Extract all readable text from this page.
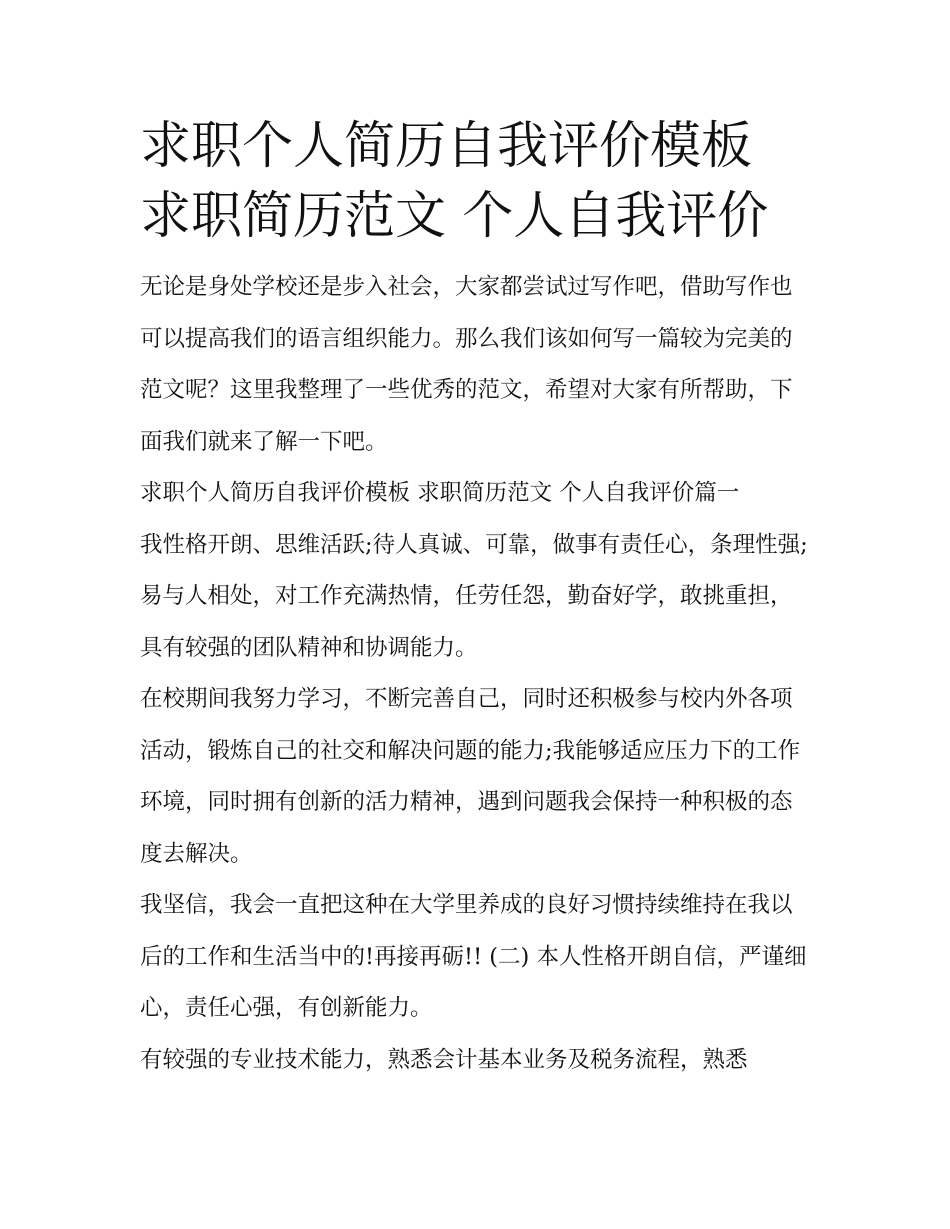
求职个人简历自我评价模板 求职简历范文 个人自我评价

无论是身处学校还是步入社会，大家都尝试过写作吧，借助写作也可以提高我们的语言组织能力。那么我们该如何写一篇较为完美的范文呢？这里我整理了一些优秀的范文，希望对大家有所帮助，下面我们就来了解一下吧。

求职个人简历自我评价模板 求职简历范文 个人自我评价篇一

我性格开朗、思维活跃;待人真诚、可靠，做事有责任心，条理性强;易与人相处，对工作充满热情，任劳任怨，勤奋好学，敢挑重担，具有较强的团队精神和协调能力。

在校期间我努力学习，不断完善自己，同时还积极参与校内外各项活动，锻炼自己的社交和解决问题的能力;我能够适应压力下的工作环境，同时拥有创新的活力精神，遇到问题我会保持一种积极的态度去解决。

我坚信，我会一直把这种在大学里养成的良好习惯持续维持在我以后的工作和生活当中的!再接再砺!! (二) 本人性格开朗自信，严谨细心，责任心强，有创新能力。

有较强的专业技术能力，熟悉会计基本业务及税务流程，熟悉
